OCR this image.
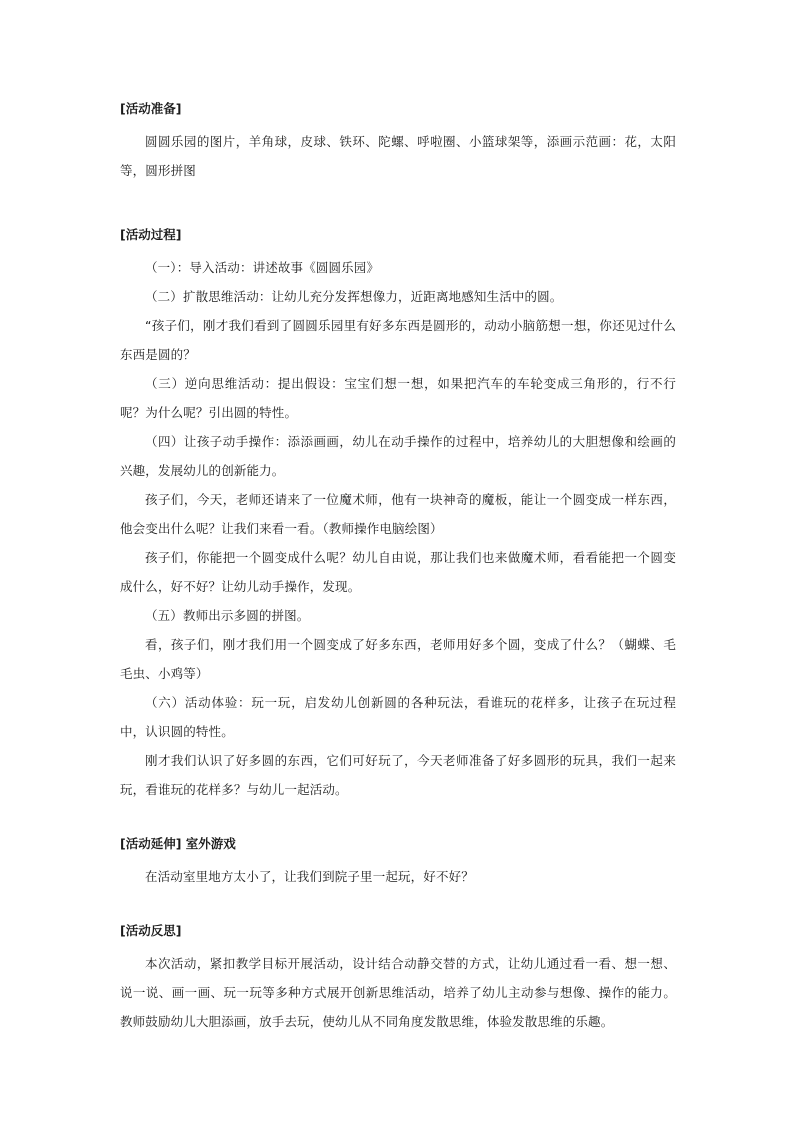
[活动准备]

圆圆乐园的图片，羊角球，皮球、铁环、陀螺、呼啦圈、小篮球架等，添画示范画：花，太阳等，圆形拼图

[活动过程]

（一）：导入活动：讲述故事《圆圆乐园》

（二）扩散思维活动：让幼儿充分发挥想像力，近距离地感知生活中的圆。

“孩子们，刚才我们看到了圆圆乐园里有好多东西是圆形的，动动小脑筋想一想，你还见过什么东西是圆的？

（三）逆向思维活动：提出假设：宝宝们想一想，如果把汽车的车轮变成三角形的，行不行呢？为什么呢？引出圆的特性。

（四）让孩子动手操作：添添画画，幼儿在动手操作的过程中，培养幼儿的大胆想像和绘画的兴趣，发展幼儿的创新能力。

孩子们，今天，老师还请来了一位魔术师，他有一块神奇的魔板，能让一个圆变成一样东西，他会变出什么呢？让我们来看一看。（教师操作电脑绘图）

孩子们，你能把一个圆变成什么呢？幼儿自由说，那让我们也来做魔术师，看看能把一个圆变成什么，好不好？让幼儿动手操作，发现。

（五）教师出示多圆的拼图。

看，孩子们，刚才我们用一个圆变成了好多东西，老师用好多个圆，变成了什么？（蝴蝶、毛毛虫、小鸡等）

（六）活动体验：玩一玩，启发幼儿创新圆的各种玩法，看谁玩的花样多，让孩子在玩过程中，认识圆的特性。

刚才我们认识了好多圆的东西，它们可好玩了，今天老师准备了好多圆形的玩具，我们一起来玩，看谁玩的花样多？与幼儿一起活动。

[活动延伸] 室外游戏

在活动室里地方太小了，让我们到院子里一起玩，好不好？

[活动反思]

本次活动，紧扣教学目标开展活动，设计结合动静交替的方式，让幼儿通过看一看、想一想、说一说、画一画、玩一玩等多种方式展开创新思维活动，培养了幼儿主动参与想像、操作的能力。教师鼓励幼儿大胆添画，放手去玩，使幼儿从不同角度发散思维，体验发散思维的乐趣。
